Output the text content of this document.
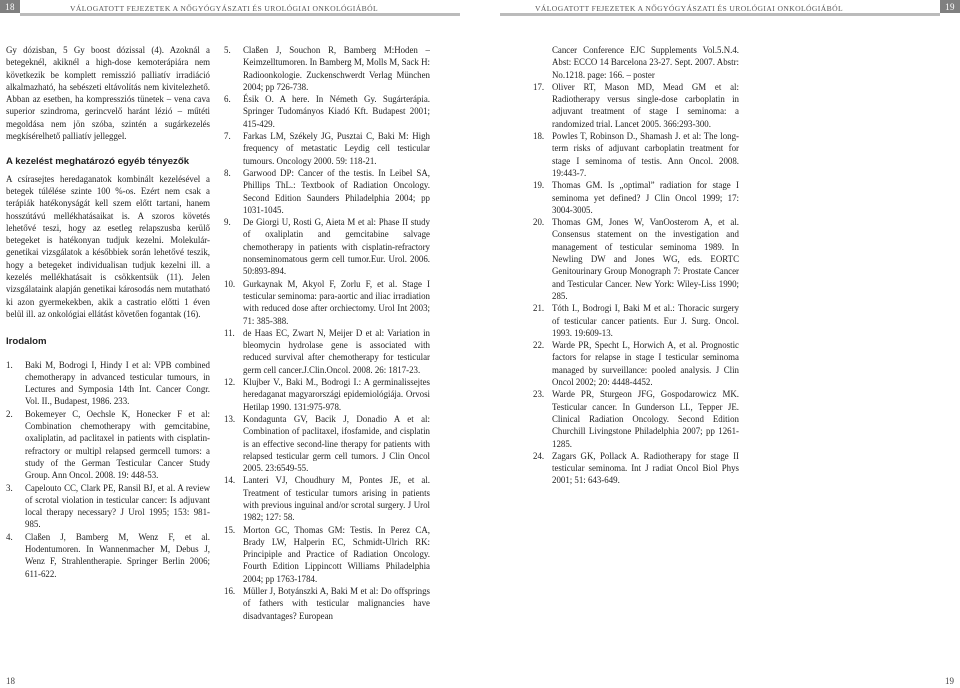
18	VÁLOGATOTT FEJEZETEK A NŐGYÓGYÁSZATI ÉS UROLÓGIAI ONKOLÓGIÁBÓL	VÁLOGATOTT FEJEZETEK A NŐGYÓGYÁSZATI ÉS UROLÓGIAI ONKOLÓGIÁBÓL	19

Gy dózisban, 5 Gy boost dózissal (4). Azoknál a betegeknél, akiknél a high-dose kemoterápiára nem következik be komplett remisszió palliatív irradiáció alkalmazható, ha sebészeti eltávolítás nem kivitelezhető. Abban az esetben, ha kompressziós tünetek – vena cava superior szindroma, gerincvelő haránt lézió – műtéti megoldása nem jön szóba, szintén a sugárkezelés megkísérelhető palliatív jelleggel.

A kezelést meghatározó egyéb tényezők

A csírasejtes heredaganatok kombinált kezelésével a betegek túlélése szinte 100 %-os. Ezért nem csak a terápiák hatékonyságát kell szem előtt tartani, hanem hosszútávú mellékhatásaikat is. A szoros követés lehetővé teszi, hogy az esetleg relapszusba kerülő betegeket is hatékonyan tudjuk kezelni. Molekulár-genetikai vizsgálatok a későbbiek során lehetővé teszik, hogy a betegeket individualisan tudjuk kezelni ill. a kezelés mellékhatásait is csökkentsük (11). Jelen vizsgálataink alapján genetikai károsodás nem mutatható ki azon gyermekekben, akik a castratio előtti 1 éven belül ill. az onkológiai ellátást követően fogantak (16).

Irodalom

1. Baki M, Bodrogi I, Hindy I et al: VPB combined chemotherapy in advanced testicular tumours, in Lectures and Symposia 14th Int. Cancer Congr. Vol. II., Budapest, 1986. 233.

2. Bokemeyer C, Oechsle K, Honecker F et al: Combination chemotherapy with gemcitabine, oxaliplatin, ad paclitaxel in patients with cisplatin-refractory or multipl relapsed germcell tumors: a study of the German Testicular Cancer Study Group. Ann Oncol. 2008. 19: 448-53.

3. Capelouto CC, Clark PE, Ransil BJ, et al. A review of scrotal violation in testicular cancer: Is adjuvant local therapy necessary? J Urol 1995; 153: 981-985.

4. Claßen J, Bamberg M, Wenz F, et al. Hodentumoren. In Wannenmacher M, Debus J, Wenz F, Strahlentherapie. Springer Berlin 2006; 611-622.

5. Claßen J, Souchon R, Bamberg M:Hoden – Keimzelltumoren. In Bamberg M, Molls M, Sack H: Radioonkologie. Zuckenschwerdt Verlag München 2004; pp 726-738.

6. Ésik O. A here. In Németh Gy. Sugárterápia. Springer Tudományos Kiadó Kft. Budapest 2001; 415-429.

7. Farkas LM, Székely JG, Pusztai C, Baki M: High frequency of metastatic Leydig cell testicular tumours. Oncology 2000. 59: 118-21.

8. Garwood DP: Cancer of the testis. In Leibel SA, Phillips ThL.: Textbook of Radiation Oncology. Second Edition Saunders Philadelphia 2004; pp 1031-1045.

9. De Giorgi U, Rosti G, Aieta M et al: Phase II study of oxaliplatin and gemcitabine salvage chemotherapy in patients with cisplatin-refractory nonseminomatous germ cell tumor.Eur. Urol. 2006. 50:893-894.

10. Gurkaynak M, Akyol F, Zorlu F, et al. Stage I testicular seminoma: para-aortic and iliac irradiation with reduced dose after orchiectomy. Urol Int 2003; 71: 385-388.

11. de Haas EC, Zwart N, Meijer D et al: Variation in bleomycin hydrolase gene is associated with reduced survival after chemotherapy for testicular germ cell cancer.J.Clin.Oncol. 2008. 26: 1817-23.

12. Klujber V., Baki M., Bodrogi I.: A germinalissejtes heredaganat magyarországi epidemiológiája. Orvosi Hetilap 1990. 131:975-978.

13. Kondagunta GV, Bacik J, Donadio A et al: Combination of paclitaxel, ifosfamide, and cisplatin is an effective second-line therapy for patients with relapsed testicular germ cell tumors. J Clin Oncol 2005. 23:6549-55.

14. Lanteri VJ, Choudhury M, Pontes JE, et al. Treatment of testicular tumors arising in patients with previous inguinal and/or scrotal surgery. J Urol 1982; 127: 58.

15. Morton GC, Thomas GM: Testis. In Perez CA, Brady LW, Halperin EC, Schmidt-Ulrich RK: Principiple and Practice of Radiation Oncology. Fourth Edition Lippincott Williams Philadelphia 2004; pp 1763-1784.

16. Müller J, Botyánszki A, Baki M et al: Do offsprings of fathers with testicular malignancies have disadvantages? European

Cancer Conference EJC Supplements Vol.5.N.4. Abst: ECCO 14 Barcelona 23-27. Sept. 2007. Abstr: No.1218. page: 166. – poster

17. Oliver RT, Mason MD, Mead GM et al: Radiotherapy versus single-dose carboplatin in adjuvant treatment of stage I seminoma: a randomized trial. Lancet 2005. 366:293-300.

18. Powles T, Robinson D., Shamash J. et al: The long-term risks of adjuvant carboplatin treatment for stage I seminoma of testis. Ann Oncol. 2008. 19:443-7.

19. Thomas GM. Is „optimal” radiation for stage I seminoma yet defined? J Clin Oncol 1999; 17: 3004-3005.

20. Thomas GM, Jones W, VanOosterom A, et al. Consensus statement on the investigation and management of testicular seminoma 1989. In Newling DW and Jones WG, eds. EORTC Genitourinary Group Monograph 7: Prostate Cancer and Testicular Cancer. New York: Wiley-Liss 1990; 285.

21. Tóth I., Bodrogi I, Baki M et al.: Thoracic surgery of testicular cancer patients. Eur J. Surg. Oncol. 1993. 19:609-13.

22. Warde PR, Specht L, Horwich A, et al. Prognostic factors for relapse in stage I testicular seminoma managed by surveillance: pooled analysis. J Clin Oncol 2002; 20: 4448-4452.

23. Warde PR, Sturgeon JFG, Gospodarowicz MK. Testicular cancer. In Gunderson LL, Tepper JE. Clinical Radiation Oncology. Second Edition Churchill Livingstone Philadelphia 2007; pp 1261-1285.

24. Zagars GK, Pollack A. Radiotherapy for stage II testicular seminoma. Int J radiat Oncol Biol Phys 2001; 51: 643-649.

18	19
